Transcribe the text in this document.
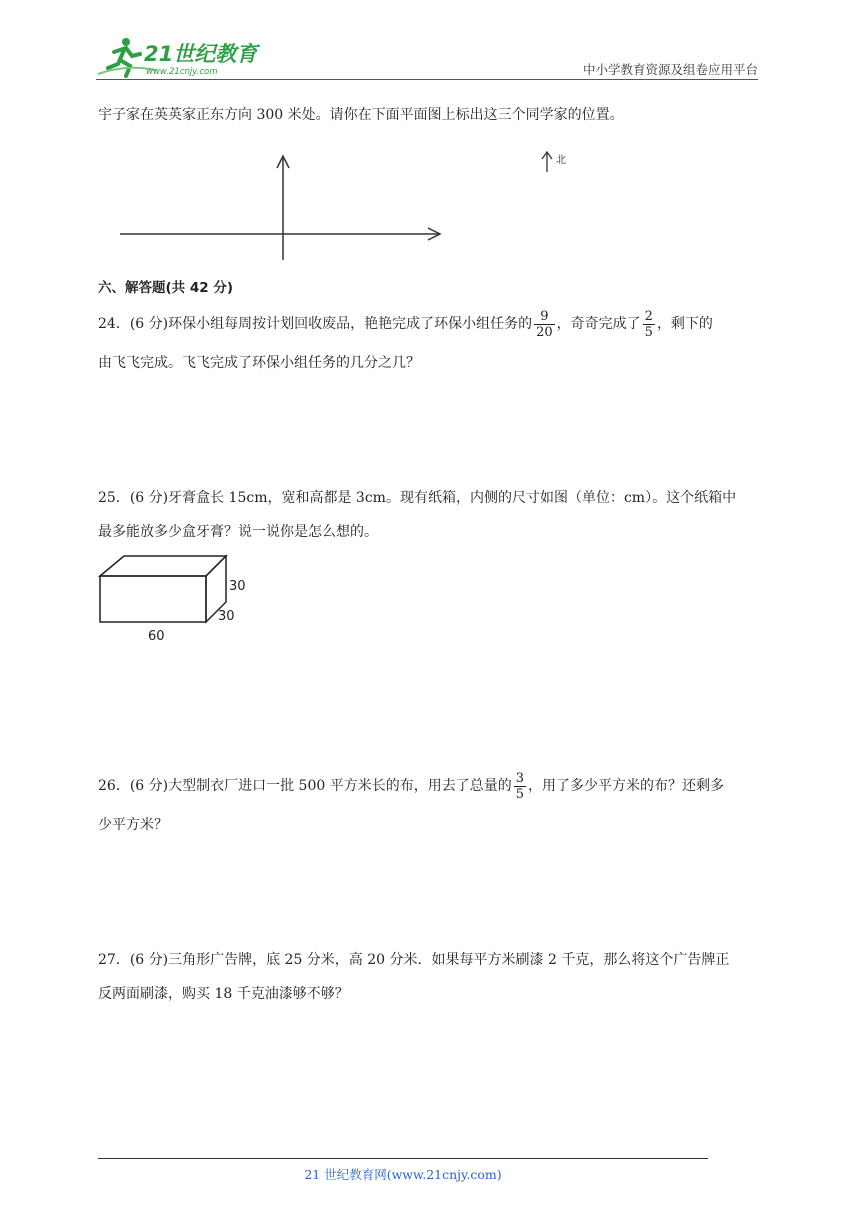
21世纪教育
www.21cnjy.com	中小学教育资源及组卷应用平台
宇子家在英英家正东方向 300 米处。请你在下面平面图上标出这三个同学家的位置。
北
六、解答题(共 42 分)
24．(6 分)环保小组每周按计划回收废品，艳艳完成了环保小组任务的 $\frac{9}{20}$ ，奇奇完成了 $\frac{2}{5}$ ，剩下的
由飞飞完成。飞飞完成了环保小组任务的几分之几？
25．(6 分)牙膏盒长 15cm，宽和高都是 3cm。现有纸箱，内侧的尺寸如图（单位：cm）。这个纸箱中
最多能放多少盒牙膏？说一说你是怎么想的。
30
30
60
26．(6 分)大型制衣厂进口一批 500 平方米长的布，用去了总量的 $\frac{3}{5}$ ，用了多少平方米的布？还剩多
少平方米？
27．(6 分)三角形广告牌，底 25 分米，高 20 分米．如果每平方米刷漆 2 千克，那么将这个广告牌正
反两面刷漆，购买 18 千克油漆够不够？
21 世纪教育网(www.21cnjy.com)
